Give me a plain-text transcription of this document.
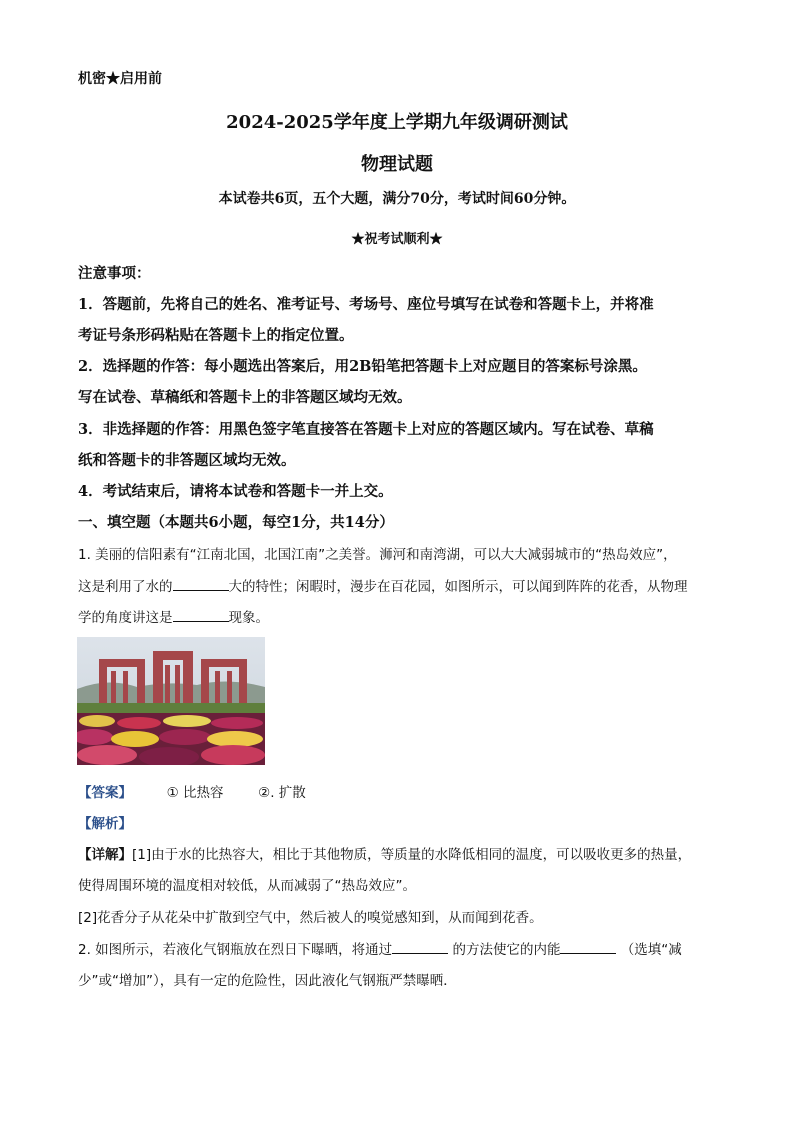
机密★启用前
2024-2025学年度上学期九年级调研测试
物理试题
本试卷共6页，五个大题，满分70分，考试时间60分钟。
★祝考试顺利★
注意事项：
1．答题前，先将自己的姓名、准考证号、考场号、座位号填写在试卷和答题卡上，并将准
考证号条形码粘贴在答题卡上的指定位置。
2．选择题的作答：每小题选出答案后，用2B铅笔把答题卡上对应题目的答案标号涂黑。
写在试卷、草稿纸和答题卡上的非答题区域均无效。
3．非选择题的作答：用黑色签字笔直接答在答题卡上对应的答题区域内。写在试卷、草稿
纸和答题卡的非答题区域均无效。
4．考试结束后，请将本试卷和答题卡一并上交。
一、填空题（本题共6小题，每空1分，共14分）
1. 美丽的信阳素有“江南北国，北国江南”之美誉。浉河和南湾湖，可以大大减弱城市的“热岛效应”，
这是利用了水的	大的特性；闲暇时，漫步在百花园，如图所示，可以闻到阵阵的花香，从物理
学的角度讲这是	现象。
【答案】	① 比热容	②. 扩散
【解析】
【详解】[1]由于水的比热容大，相比于其他物质，等质量的水降低相同的温度，可以吸收更多的热量，
使得周围环境的温度相对较低，从而减弱了“热岛效应”。
[2]花香分子从花朵中扩散到空气中，然后被人的嗅觉感知到，从而闻到花香。
2. 如图所示，若液化气钢瓶放在烈日下曝晒，将通过	的方法使它的内能	（选填“减
少”或“增加”），具有一定的危险性，因此液化气钢瓶严禁曝晒．
